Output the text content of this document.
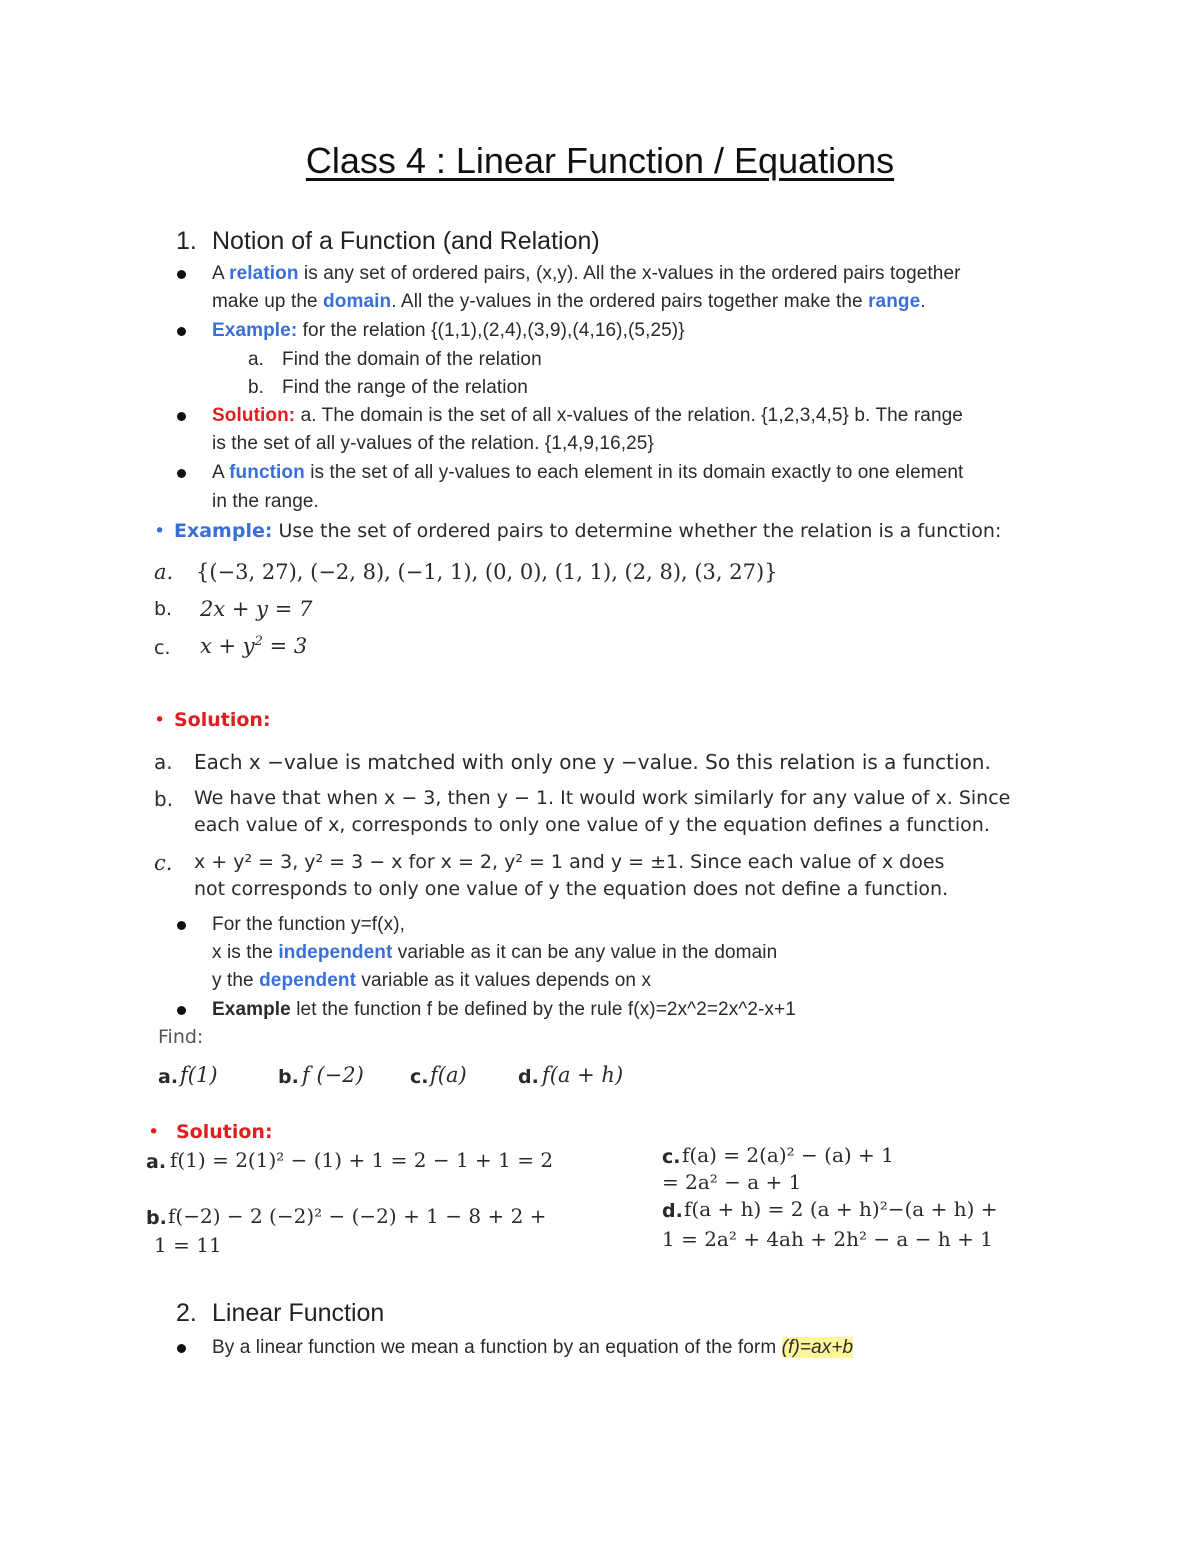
Class 4 : Linear Function / Equations
1. Notion of a Function (and Relation)
A relation is any set of ordered pairs, (x,y). All the x-values in the ordered pairs together
make up the domain. All the y-values in the ordered pairs together make the range.
Example: for the relation {(1,1),(2,4),(3,9),(4,16),(5,25)}
a. Find the domain of the relation
b. Find the range of the relation
Solution: a. The domain is the set of all x-values of the relation. {1,2,3,4,5} b. The range
is the set of all y-values of the relation. {1,4,9,16,25}
A function is the set of all y-values to each element in its domain exactly to one element
in the range.
• Example: Use the set of ordered pairs to determine whether the relation is a function:
a. {(−3, 27), (−2, 8), (−1, 1), (0, 0), (1, 1), (2, 8), (3, 27)}
b. 2x + y = 7
c. $x + y^2 = 3$
• Solution:
a. Each x −value is matched with only one y −value. So this relation is a function.
b. We have that when x − 3, then y − 1. It would work similarly for any value of x. Since
each value of x, corresponds to only one value of y the equation defines a function.
c. x + y² = 3, y² = 3 − x for x = 2, y² = 1 and y = ±1. Since each value of x does
not corresponds to only one value of y the equation does not define a function.
For the function y=f(x),
x is the independent variable as it can be any value in the domain
y the dependent variable as it values depends on x
Example let the function f be defined by the rule f(x)=2x^2=2x^2-x+1
Find:
a. f(1)	b. f (−2) c. f(a)	d. f(a + h)
• Solution:
a. f(1) = 2(1)² − (1) + 1 = 2 − 1 + 1 = 2
b. f(−2) − 2 (−2)² − (−2) + 1 − 8 + 2 +
1 = 11
c. f(a) = 2(a)² − (a) + 1
= 2a² − a + 1
d. f(a + h) = 2 (a + h)²−(a + h) +
1 = 2a² + 4ah + 2h² − a − h + 1
2. Linear Function
By a linear function we mean a function by an equation of the form (f)=ax+b
